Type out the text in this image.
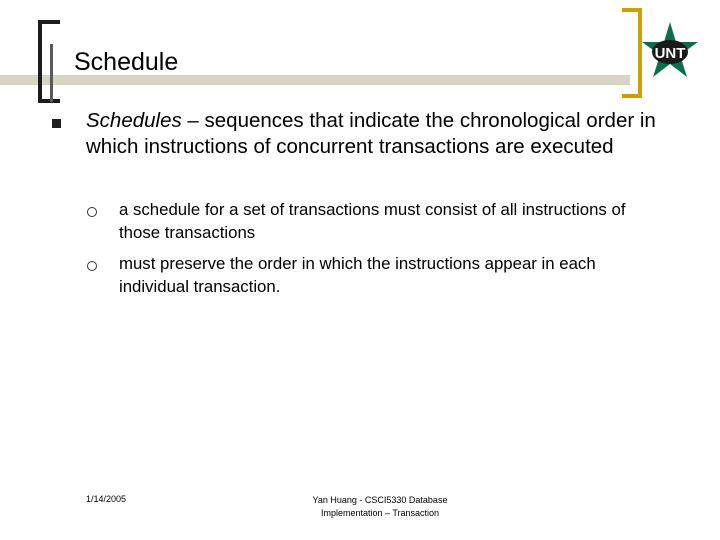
Schedule	UNT
Schedules – sequences that indicate the chronological order in which instructions of concurrent transactions are executed
a schedule for a set of transactions must consist of all instructions of those transactions
must preserve the order in which the instructions appear in each individual transaction.
1/14/2005	Yan Huang - CSCI5330 Database
Implementation – Transaction
